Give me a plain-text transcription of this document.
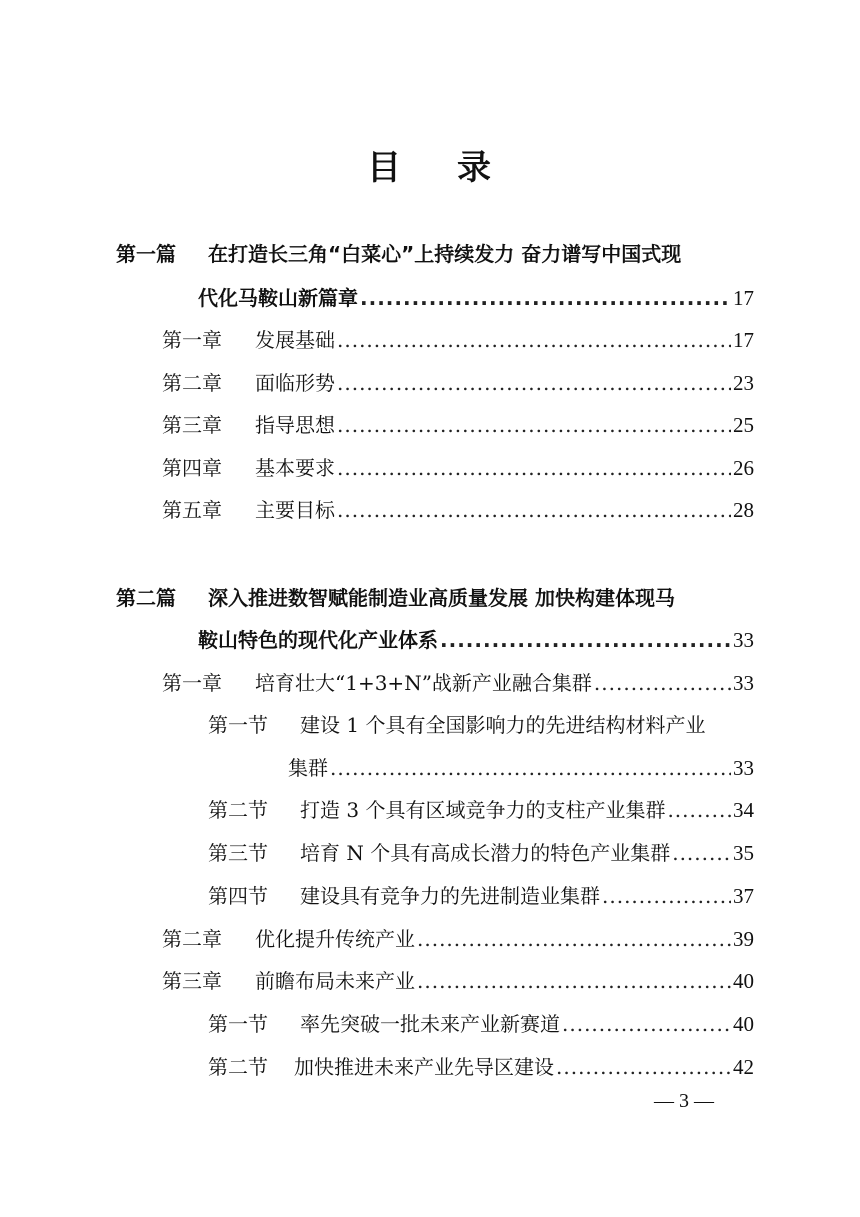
目 录
第一篇 在打造长三角“白菜心”上持续发力 奋力谱写中国式现
代化马鞍山新篇章 .....	17
第一章 发展基础 .....	17
第二章 面临形势 .....	23
第三章 指导思想 .....	25
第四章 基本要求 .....	26
第五章 主要目标 .....	28
第二篇 深入推进数智赋能制造业高质量发展 加快构建体现马
鞍山特色的现代化产业体系 .....	33
第一章 培育壮大“1+3+N”战新产业融合集群 .....	33
第一节 建设 1 个具有全国影响力的先进结构材料产业
集群 .....	33
第二节 打造 3 个具有区域竞争力的支柱产业集群 .....	34
第三节 培育 N 个具有高成长潜力的特色产业集群 .....	35
第四节 建设具有竞争力的先进制造业集群 .....	37
第二章 优化提升传统产业 .....	39
第三章 前瞻布局未来产业 .....	40
第一节 率先突破一批未来产业新赛道 .....	40
第二节 加快推进未来产业先导区建设 .....	42
— 3 —
